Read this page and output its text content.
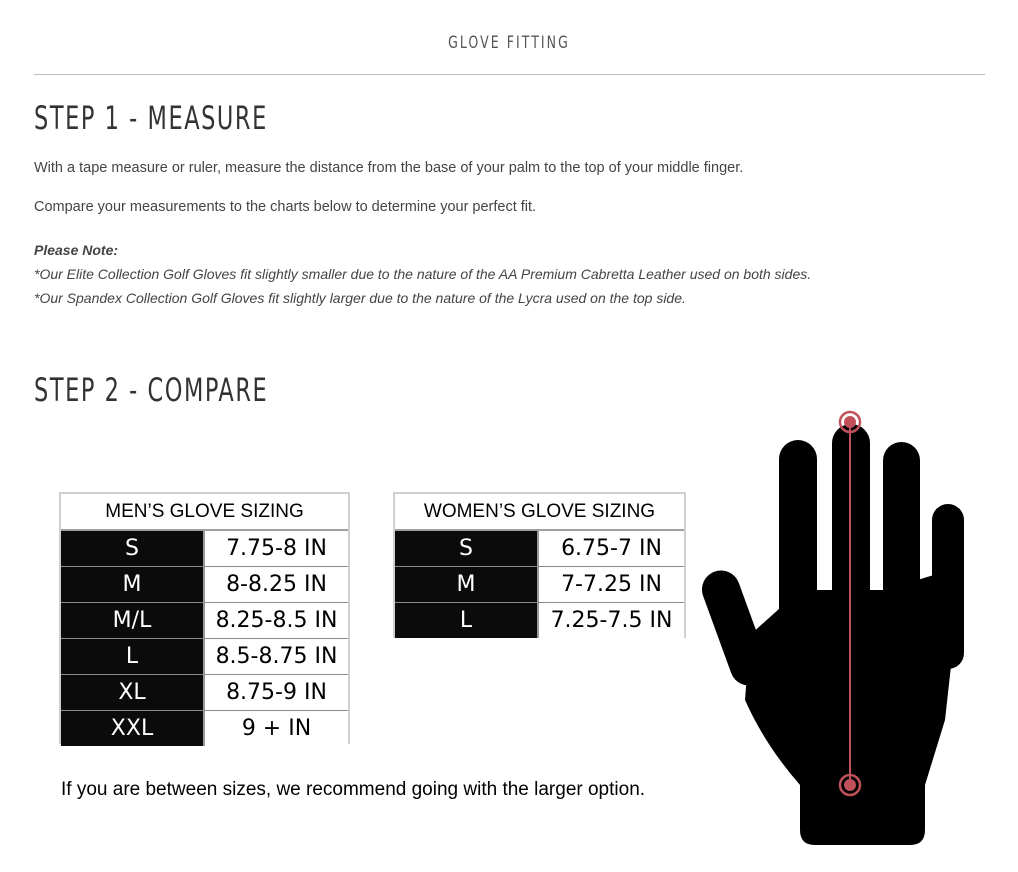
GLOVE FITTING
STEP 1 - MEASURE

With a tape measure or ruler, measure the distance from the base of your palm to the top of your middle finger.

Compare your measurements to the charts below to determine your perfect fit.

Please Note:
*Our Elite Collection Golf Gloves fit slightly smaller due to the nature of the AA Premium Cabretta Leather used on both sides.
*Our Spandex Collection Golf Gloves fit slightly larger due to the nature of the Lycra used on the top side.
STEP 2 - COMPARE
MEN’S GLOVE SIZING
S	7.75-8 IN
M	8-8.25 IN
M/L	8.25-8.5 IN
L	8.5-8.75 IN
XL	8.75-9 IN
XXL	9 + IN
WOMEN’S GLOVE SIZING
S	6.75-7 IN
M	7-7.25 IN
L	7.25-7.5 IN
If you are between sizes, we recommend going with the larger option.
